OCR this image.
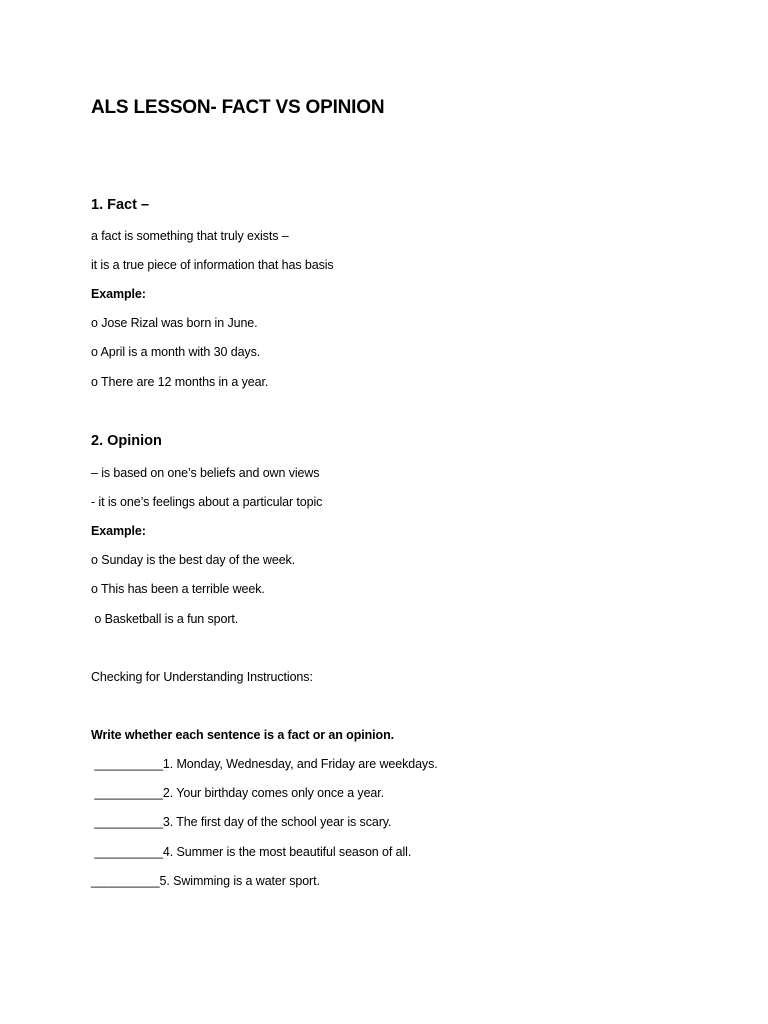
ALS LESSON- FACT VS OPINION
1. Fact –
a fact is something that truly exists –
it is a true piece of information that has basis
Example:
o Jose Rizal was born in June.
o April is a month with 30 days.
o There are 12 months in a year.
2. Opinion
– is based on one’s beliefs and own views
- it is one’s feelings about a particular topic
Example:
o Sunday is the best day of the week.
o This has been a terrible week.
o Basketball is a fun sport.
Checking for Understanding Instructions:
Write whether each sentence is a fact or an opinion.
__________1. Monday, Wednesday, and Friday are weekdays.
__________2. Your birthday comes only once a year.
__________3. The first day of the school year is scary.
__________4. Summer is the most beautiful season of all.
__________5. Swimming is a water sport.
